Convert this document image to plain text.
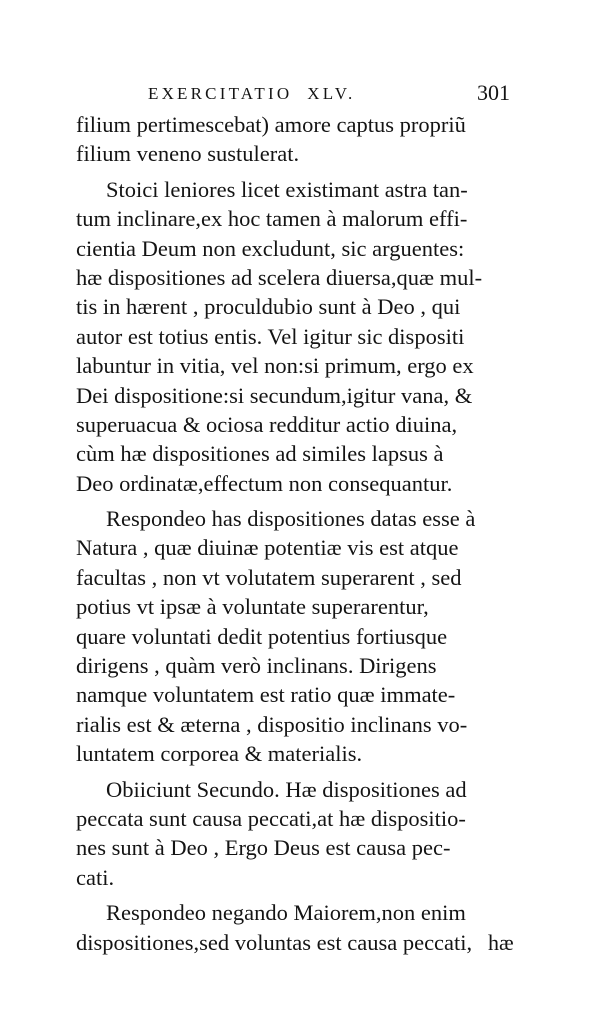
EXERCITATIO  XLV.	301
filium pertimescebat) amore captus propriũ
filium veneno sustulerat.
Stoici leniores licet existimant astra tan-
tum inclinare,ex hoc tamen à malorum effi-
cientia Deum non excludunt, sic arguentes:
hæ dispositiones ad scelera diuersa,quæ mul-
tis in hærent , proculdubio sunt à Deo , qui
autor est totius entis. Vel igitur sic dispositi
labuntur in vitia, vel non:si primum, ergo ex
Dei dispositione:si secundum,igitur vana, &
superuacua & ociosa redditur actio diuina,
cùm hæ dispositiones ad similes lapsus à
Deo ordinatæ,effectum non consequantur.
Respondeo has dispositiones datas esse à
Natura , quæ diuinæ potentiæ vis est atque
facultas , non vt volutatem superarent , sed
potius vt ipsæ à voluntate superarentur,
quare voluntati dedit potentius fortiusque
dirigens , quàm verò inclinans. Dirigens
namque voluntatem est ratio quæ immate-
rialis est & æterna , dispositio inclinans vo-
luntatem corporea & materialis.
Obiiciunt Secundo. Hæ dispositiones ad
peccata sunt causa peccati,at hæ dispositio-
nes sunt à Deo , Ergo Deus est causa pec-
cati.
Respondeo negando Maiorem,non enim
dispositiones,sed voluntas est causa peccati, hæ
